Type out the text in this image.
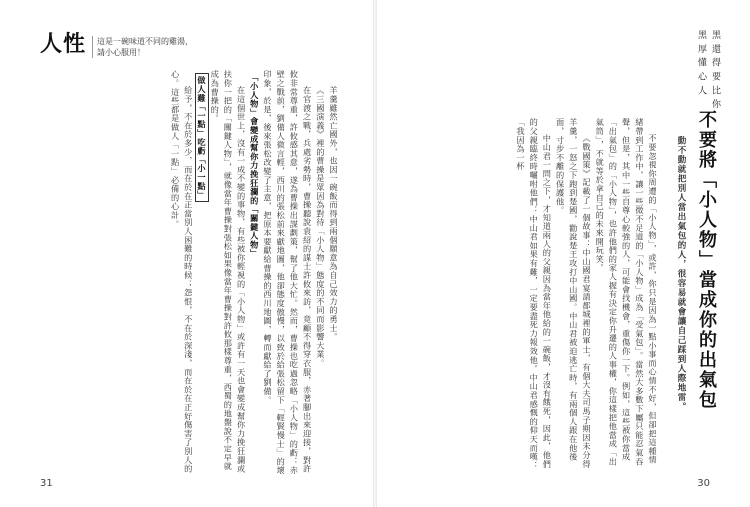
人性 這是一碗味道不同的雞湯，
請小心服用！

羊羹雖然亡國外，也因一碗飯而得到兩個願意為自己效力的勇士。

《三國演義》裡的曹操是眾因為對待「小人物」態度的不同而影響大業。

在官渡之戰，兵處劣勢時，曹操聽說袁紹的謀士許攸來訪，竟顧不得穿衣服，赤著腳出來迎接，對許攸非常尊重，許攸感其意，遂為曹操出謀劃策，幫了他大忙。然而，曹操也吃過忽略「小人物」的虧：赤壁之戰前，劉備人微言輕，西川的張松前來獻地圖，他卻態度傲慢，以致於給張松留下「輕賢慢士」的壞印象，於是，後來張松改變了主意，把原本要獻給曹操的西川地圖，轉而獻給了劉備。

「小人物」會變成幫你力挽狂瀾的「關鍵人物」

在這個世上，沒有一成不變的事物，有些被你輕視的「小人物」或許有一天也會變成幫你力挽狂瀾或扶你一把的「關鍵人物」，就像當年曹操對張松如果像當年曹操對許攸那樣尊重，西蜀的地盤說不定早就成為曹操的。

做人難「一點」吃虧「小一點」

給予，不在於多少，而在於在正當別人困難的時候；怨恨，不在於深淺，而在於在正好傷害了別人的心。這些都是做人「一點」必備的心計。

31
黑 還 得 要 比 你
黑 厚 懂 心 人
不要將「小人物」當成你的出氣包
動不動就把別人當出氣包的人，很容易就會讓自己踩到人際地雷。

不要忽視你周遭的「小人物」，或許，你只是因為一點小事而心情不好，但卻把這種情緒帶到工作中，讓一些微不足道的「小人物」成為「受氣包」。當然大多數下屬只能忍氣吞聲，但是，其中一些自尊心較強的人，可能會找機會，重傷你一下。例如，這些被你當成「出氣包」的「小人物」，也許他們的家人握有決定你升遷的人事權，你這樣把他當成「出氣筒」，不就等於拿自己的未來開玩笑。

《戰國策》記載了一個故事：中山國君宴請都城裡的軍士，有個大夫司馬子期因未分得羊羹，一怒之下跑到楚國，勸說楚王攻打中山國。中山君被迫逃亡時，有兩個人跟在他後面，寸步不離的保護他。

中山君一問之下，才知道兩人的父親因為當年他給的一碗飯，才沒有餓死，因此，他們的父親臨終時囑咐他們：中山君如果有難，一定要盡死力報效他。中山君感慨的仰天而嘆：「我因為一杯

30
